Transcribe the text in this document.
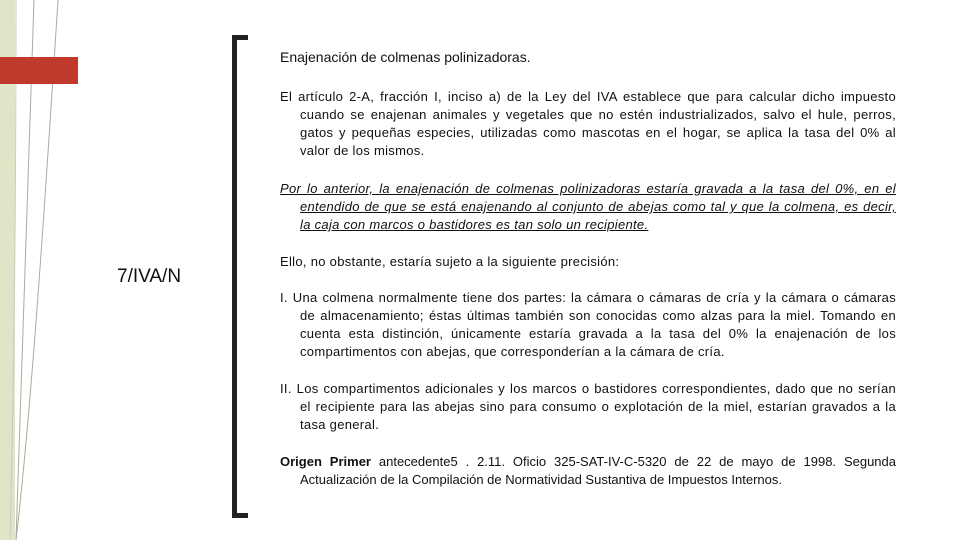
7/IVA/N
Enajenación de colmenas polinizadoras.

El artículo 2-A, fracción I, inciso a) de la Ley del IVA establece que para calcular dicho impuesto cuando se enajenan animales y vegetales que no estén industrializados, salvo el hule, perros, gatos y pequeñas especies, utilizadas como mascotas en el hogar, se aplica la tasa del 0% al valor de los mismos.

Por lo anterior, la enajenación de colmenas polinizadoras estaría gravada a la tasa del 0%, en el entendido de que se está enajenando al conjunto de abejas como tal y que la colmena, es decir, la caja con marcos o bastidores es tan solo un recipiente.

Ello, no obstante, estaría sujeto a la siguiente precisión:

I. Una colmena normalmente tiene dos partes: la cámara o cámaras de cría y la cámara o cámaras de almacenamiento; éstas últimas también son conocidas como alzas para la miel. Tomando en cuenta esta distinción, únicamente estaría gravada a la tasa del 0% la enajenación de los compartimentos con abejas, que corresponderían a la cámara de cría.

II. Los compartimentos adicionales y los marcos o bastidores correspondientes, dado que no serían el recipiente para las abejas sino para consumo o explotación de la miel, estarían gravados a la tasa general.

Origen Primer antecedente5 . 2.11. Oficio 325-SAT-IV-C-5320 de 22 de mayo de 1998. Segunda Actualización de la Compilación de Normatividad Sustantiva de Impuestos Internos.
